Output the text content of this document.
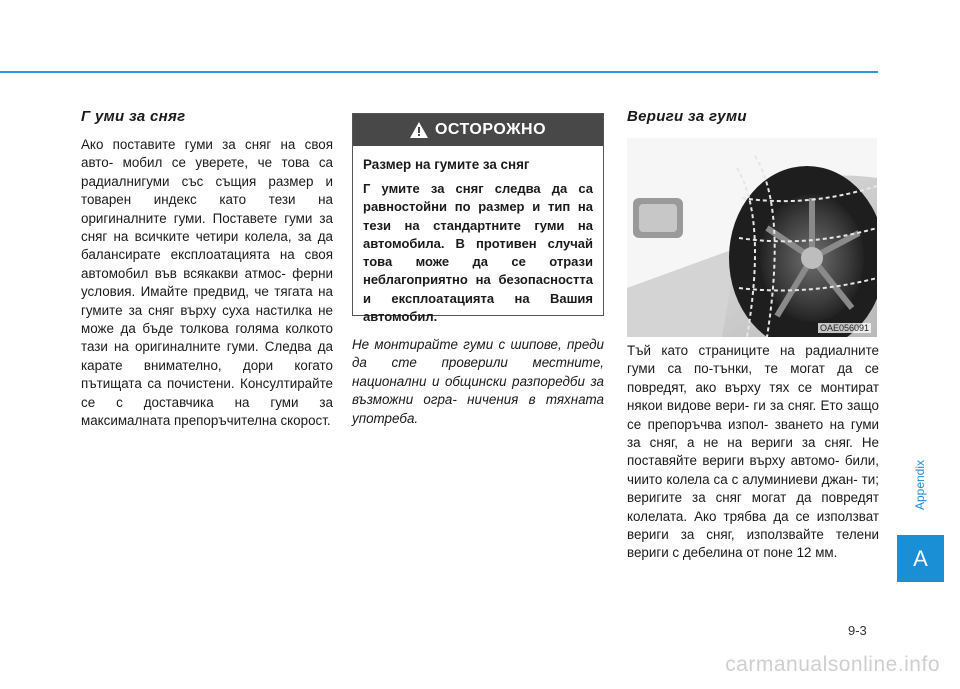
Г уми за сняг

Ако поставите гуми за сняг на своя авто- мобил се уверете, че това са радиалнигуми със същия размер и товарен индекс като тези на оригиналните гуми. Поставете гуми за сняг на всичките четири колела, за да балансирате експлоатацията на своя автомобил във всякакви атмос- ферни условия. Имайте предвид, че тягата на гумите за сняг върху суха настилка не може да бъде толкова голяма колкото тази на оригиналните гуми. Следва да карате внимателно, дори когато пътищата са почистени. Консултирайте се с доставчика на гуми за максималната препоръчителна скорост.

ОСТОРОЖНО
Размер на гумите за сняг

Г умите за сняг следва да са равностойни по размер и тип на тези на стандартните гуми на автомобила. В противен случай това може да се отрази неблагоприятно на безопасността и експлоатацията на Вашия автомобил.

Не монтирайте гуми с шипове, преди да сте проверили местните, национални и общински разпоредби за възможни огра- ничения в тяхната употреба.

Вериги за гуми
OAE056091

Тъй като страниците на радиалните гуми са по-тънки, те могат да се повредят, ако върху тях се монтират някои видове вери- ги за сняг. Ето защо се препоръчва изпол- зването на гуми за сняг, а не на вериги за сняг. Не поставяйте вериги върху автомо- били, чиито колела са с алуминиеви джан- ти; веригите за сняг могат да повредят колелата. Ако трябва да се използват вериги за сняг, използвайте телени вериги с дебелина от поне 12 мм.

Appendix
A
9-3
carmanualsonline.info
